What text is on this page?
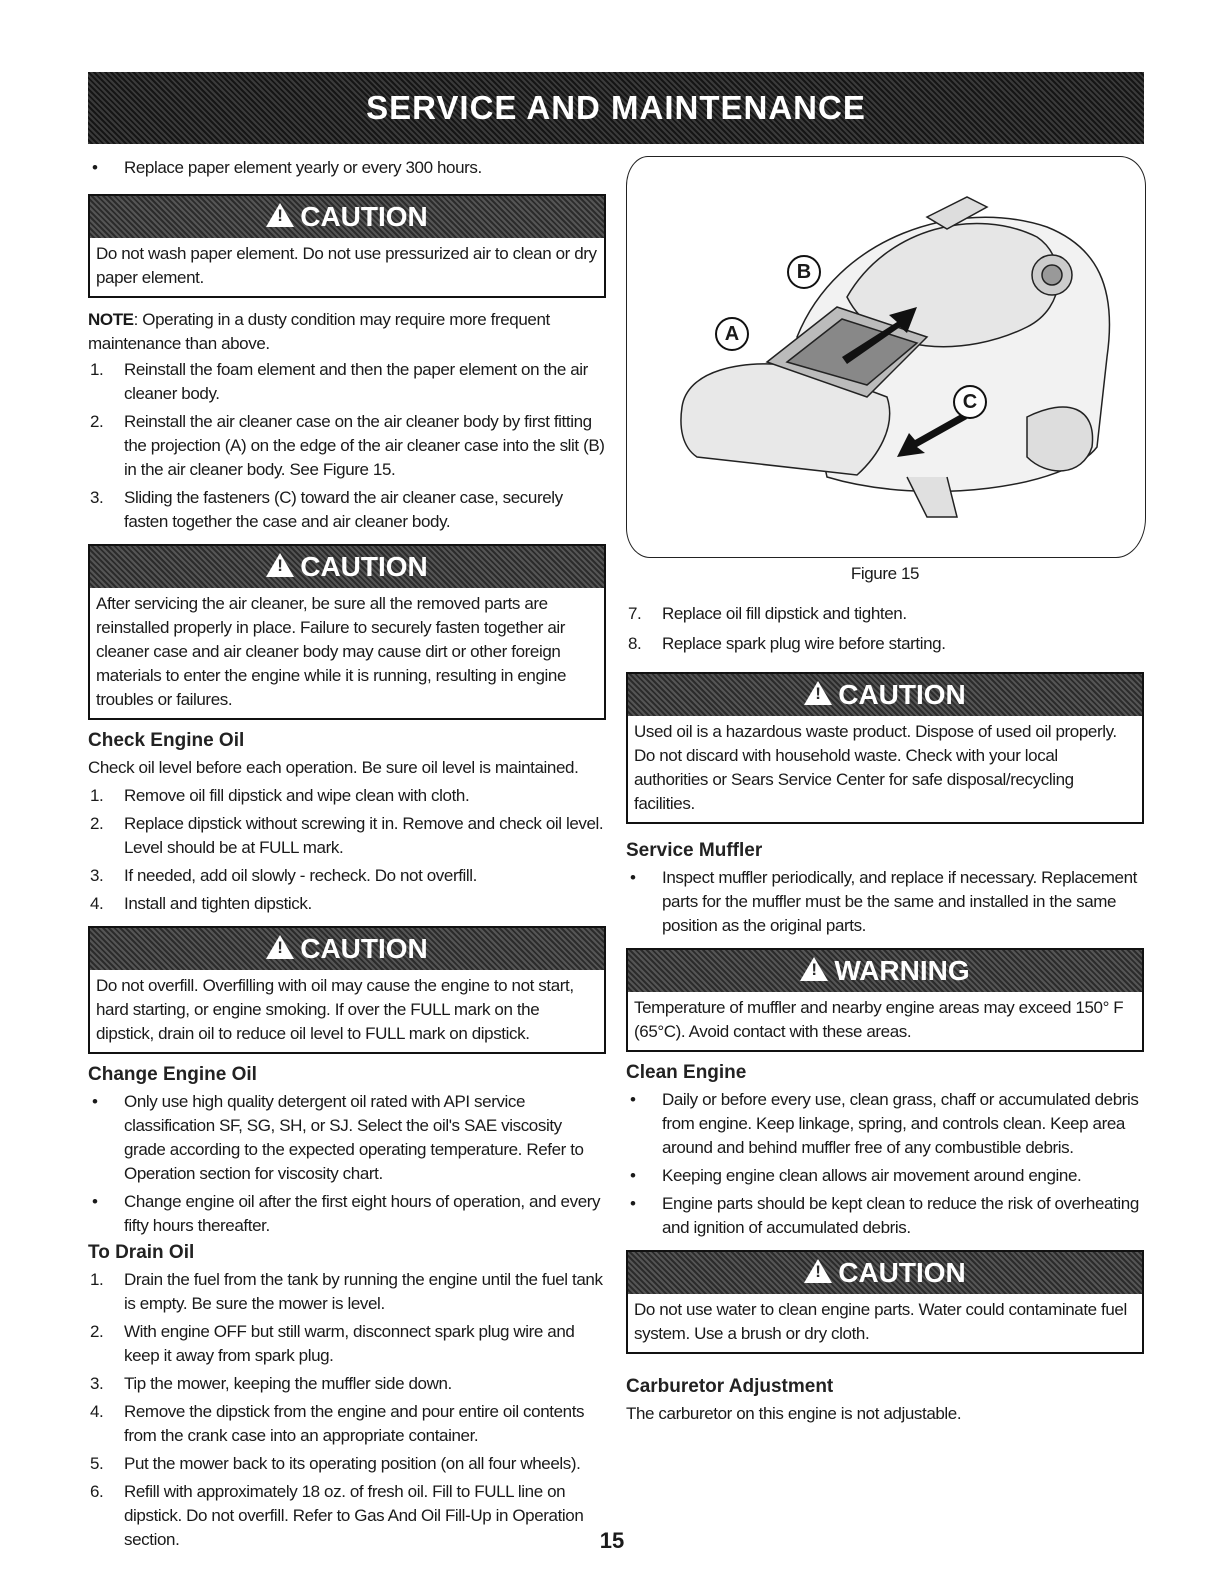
SERVICE AND MAINTENANCE

• Replace paper element yearly or every 300 hours.

!
CAUTION

Do not wash paper element. Do not use pressurized air to clean or dry paper element.

NOTE: Operating in a dusty condition may require more frequent maintenance than above.

1. Reinstall the foam element and then the paper element on the air cleaner body.

2. Reinstall the air cleaner case on the air cleaner body by first fitting the projection (A) on the edge of the air cleaner case into the slit (B) in the air cleaner body. See Figure 15.

3. Sliding the fasteners (C) toward the air cleaner case, securely fasten together the case and air cleaner body.

!
CAUTION

After servicing the air cleaner, be sure all the removed parts are reinstalled properly in place. Failure to securely fasten together air cleaner case and air cleaner body may cause dirt or other foreign materials to enter the engine while it is running, resulting in engine troubles or failures.

Check Engine Oil

Check oil level before each operation. Be sure oil level is maintained.

1. Remove oil fill dipstick and wipe clean with cloth.

2. Replace dipstick without screwing it in. Remove and check oil level. Level should be at FULL mark.

3. If needed, add oil slowly - recheck. Do not overfill.

4. Install and tighten dipstick.

!
CAUTION

Do not overfill. Overfilling with oil may cause the engine to not start, hard starting, or engine smoking. If over the FULL mark on the dipstick, drain oil to reduce oil level to FULL mark on dipstick.

Change Engine Oil

• Only use high quality detergent oil rated with API service classification SF, SG, SH, or SJ. Select the oil's SAE viscosity grade according to the expected operating temperature. Refer to Operation section for viscosity chart.

• Change engine oil after the first eight hours of operation, and every fifty hours thereafter.

To Drain Oil

1. Drain the fuel from the tank by running the engine until the fuel tank is empty. Be sure the mower is level.

2. With engine OFF but still warm, disconnect spark plug wire and keep it away from spark plug.

3. Tip the mower, keeping the muffler side down.

4. Remove the dipstick from the engine and pour entire oil contents from the crank case into an appropriate container.

5. Put the mower back to its operating position (on all four wheels).

6. Refill with approximately 18 oz. of fresh oil. Fill to FULL line on dipstick. Do not overfill. Refer to Gas And Oil Fill-Up in Operation section.

B
A
C

Figure 15

7. Replace oil fill dipstick and tighten.

8. Replace spark plug wire before starting.

!
CAUTION

Used oil is a hazardous waste product. Dispose of used oil properly. Do not discard with household waste. Check with your local authorities or Sears Service Center for safe disposal/recycling facilities.

Service Muffler

• Inspect muffler periodically, and replace if necessary. Replacement parts for the muffler must be the same and installed in the same position as the original parts.

!
WARNING

Temperature of muffler and nearby engine areas may exceed 150° F (65°C). Avoid contact with these areas.

Clean Engine

• Daily or before every use, clean grass, chaff or accumulated debris from engine. Keep linkage, spring, and controls clean. Keep area around and behind muffler free of any combustible debris.

• Keeping engine clean allows air movement around engine.

• Engine parts should be kept clean to reduce the risk of overheating and ignition of accumulated debris.

!
CAUTION

Do not use water to clean engine parts. Water could contaminate fuel system. Use a brush or dry cloth.

Carburetor Adjustment

The carburetor on this engine is not adjustable.

15
